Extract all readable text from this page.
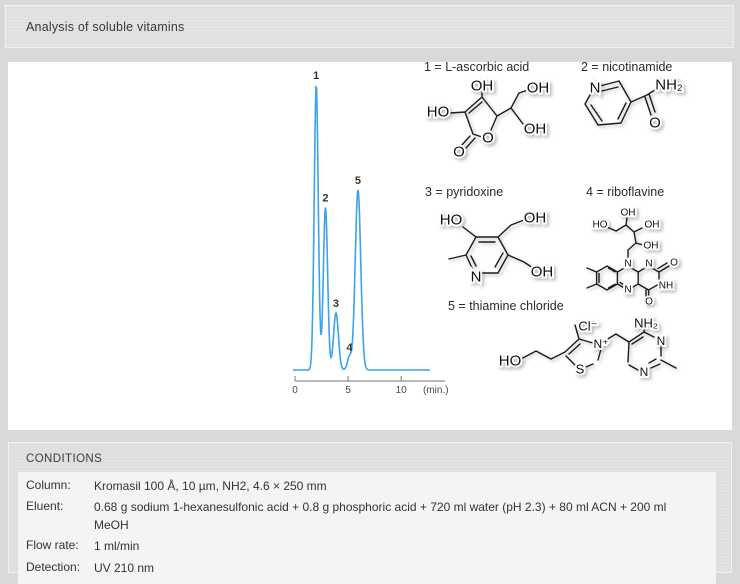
Analysis of soluble vitamins
0	5	10 (min.)
1
2
3
4
5
1 = L-ascorbic acid
OH OH
HO
OH
O
O
2 = nicotinamide
N	NH₂
O
3 = pyridoxine
HO	OH
OH
N
4 = riboflavine
HO
OH
OH
OH
N
N
N
NH
O
O
5 = thiamine chloride
HO
Cl⁻
N⁺
S
NH₂
N
N
CONDITIONS
Column:	Kromasil 100 Å, 10 µm, NH2, 4.6 × 250 mm
Eluent:	0.68 g sodium 1-hexanesulfonic acid + 0.8 g phosphoric acid + 720 ml water (pH 2.3) + 80 ml ACN + 200 ml MeOH
Flow rate:	1 ml/min
Detection:	UV 210 nm
